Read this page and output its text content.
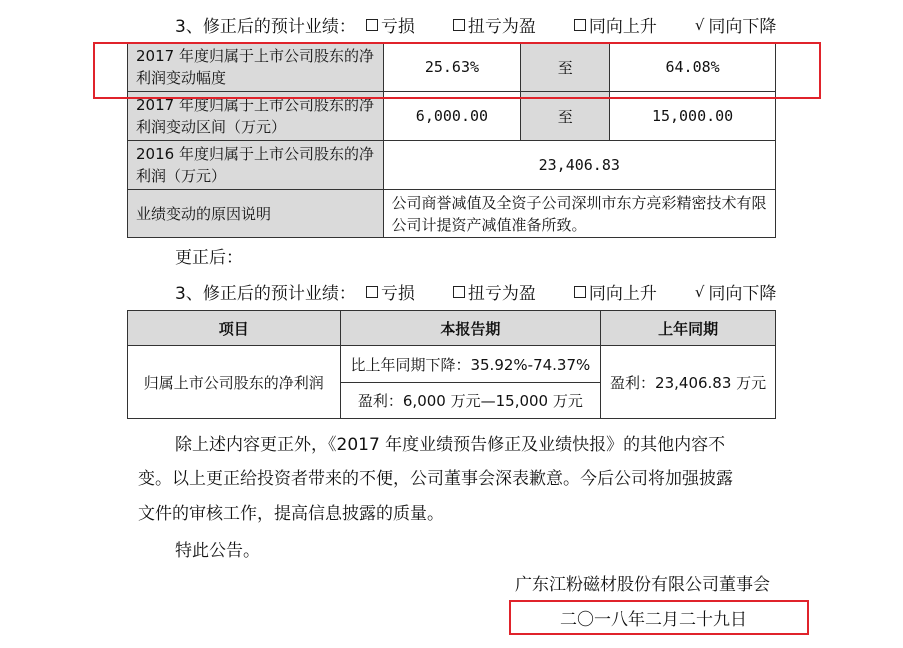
3、修正后的预计业绩： 亏损	扭亏为盈	同向上升	√ 同向下降
2017 年度归属于上市公司股东的净利润变动幅度	25.63%	至	64.08%
2017 年度归属于上市公司股东的净利润变动区间（万元）	6,000.00	至	15,000.00
2016 年度归属于上市公司股东的净利润（万元）	23,406.83		
业绩变动的原因说明	公司商誉减值及全资子公司深圳市东方亮彩精密技术有限公司计提资产减值准备所致。		
更正后：
3、修正后的预计业绩： 亏损	扭亏为盈	同向上升	√ 同向下降
项目	本报告期	上年同期
归属上市公司股东的净利润	比上年同期下降：35.92%-74.37%	盈利：23,406.83 万元
	盈利：6,000 万元—15,000 万元	
除上述内容更正外，《2017 年度业绩预告修正及业绩快报》的其他内容不
变。以上更正给投资者带来的不便，公司董事会深表歉意。今后公司将加强披露
文件的审核工作，提高信息披露的质量。
特此公告。
广东江粉磁材股份有限公司董事会
二〇一八年二月二十九日
